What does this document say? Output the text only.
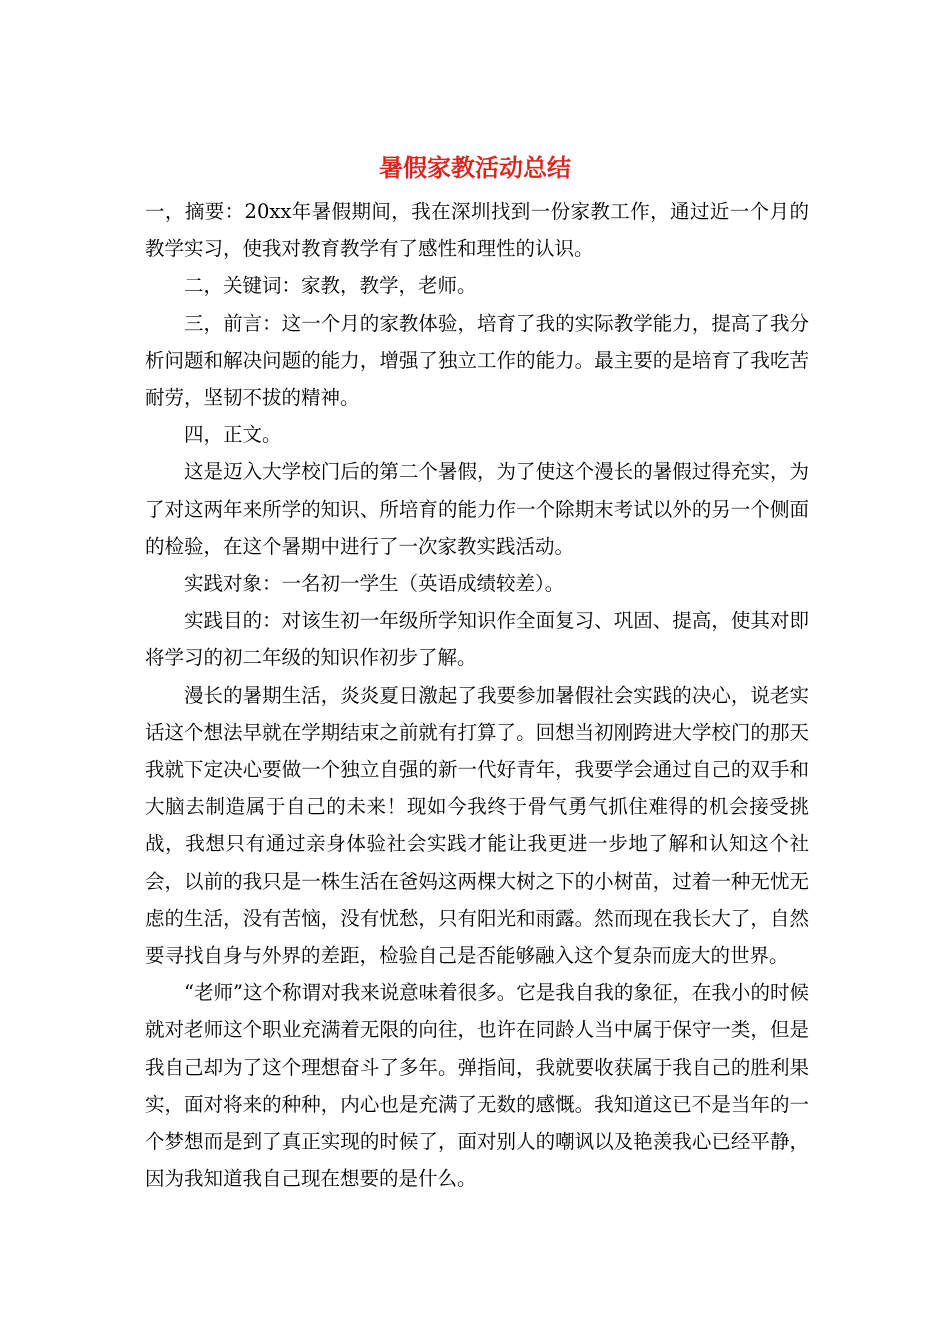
暑假家教活动总结

一，摘要：20xx年暑假期间，我在深圳找到一份家教工作，通过近一个月的教学实习，使我对教育教学有了感性和理性的认识。

二，关键词：家教，教学，老师。

三，前言：这一个月的家教体验，培育了我的实际教学能力，提高了我分析问题和解决问题的能力，增强了独立工作的能力。最主要的是培育了我吃苦耐劳，坚韧不拔的精神。

四，正文。

这是迈入大学校门后的第二个暑假，为了使这个漫长的暑假过得充实，为了对这两年来所学的知识、所培育的能力作一个除期末考试以外的另一个侧面的检验，在这个暑期中进行了一次家教实践活动。

实践对象：一名初一学生（英语成绩较差）。

实践目的：对该生初一年级所学知识作全面复习、巩固、提高，使其对即将学习的初二年级的知识作初步了解。

漫长的暑期生活，炎炎夏日激起了我要参加暑假社会实践的决心，说老实话这个想法早就在学期结束之前就有打算了。回想当初刚跨进大学校门的那天我就下定决心要做一个独立自强的新一代好青年，我要学会通过自己的双手和大脑去制造属于自己的未来！现如今我终于骨气勇气抓住难得的机会接受挑战，我想只有通过亲身体验社会实践才能让我更进一步地了解和认知这个社会，以前的我只是一株生活在爸妈这两棵大树之下的小树苗，过着一种无忧无虑的生活，没有苦恼，没有忧愁，只有阳光和雨露。然而现在我长大了，自然要寻找自身与外界的差距，检验自己是否能够融入这个复杂而庞大的世界。

“老师”这个称谓对我来说意味着很多。它是我自我的象征，在我小的时候就对老师这个职业充满着无限的向往，也许在同龄人当中属于保守一类，但是我自己却为了这个理想奋斗了多年。弹指间，我就要收获属于我自己的胜利果实，面对将来的种种，内心也是充满了无数的感慨。我知道这已不是当年的一个梦想而是到了真正实现的时候了，面对别人的嘲讽以及艳羡我心已经平静，因为我知道我自己现在想要的是什么。
